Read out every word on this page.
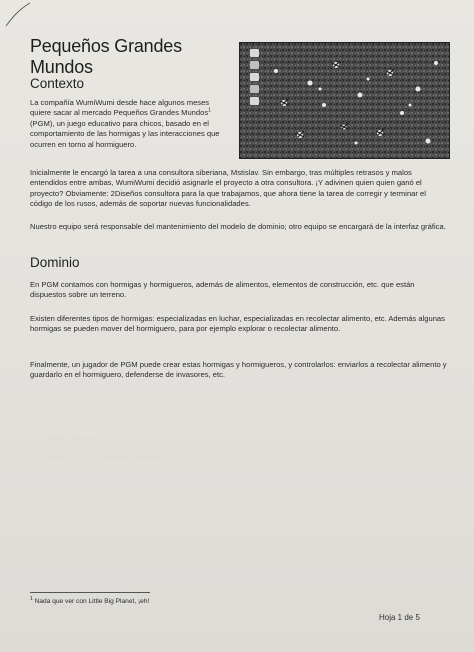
- -------
------ -
-- --- ------
---- ------- --- ----------
---- ------ -
----- ------- ---
-------- -- -------- -------
------ -------- ---------
------ ---- -----
Pequeños Grandes Mundos
Contexto

La compañía WumiWumi desde hace algunos meses quiere sacar al mercado Pequeños Grandes Mundos$^1$ (PGM), un juego educativo para chicos, basado en el comportamiento de las hormigas y las interacciones que ocurren en torno al hormiguero.

Inicialmente le encargó la tarea a una consultora siberiana, Mstislav. Sin embargo, tras múltiples retrasos y malos entendidos entre ambas, WumiWumi decidió asignarle el proyecto a otra consultora. ¡Y adivinen quien quien ganó el proyecto? Obviamente: 2Diseños consultora para la que trabajamos, que ahora tiene la tarea de corregir y terminar el código de los rusos, además de soportar nuevas funcionalidades.

Nuestro equipo será responsable del mantenimiento del modelo de dominio; otro equipo se encargará de la interfaz gráfica.

Dominio

En PGM contamos con hormigas y hormigueros, además de alimentos, elementos de construcción, etc. que están dispuestos sobre un terreno.

Existen diferentes tipos de hormigas: especializadas en luchar, especializadas en recolectar alimento, etc. Además algunas hormigas se pueden mover del hormiguero, para por ejemplo explorar o recolectar alimento.

Finalmente, un jugador de PGM puede crear estas hormigas y hormigueros, y controlarlos: enviarlos a recolectar alimento y guardarlo en el hormiguero, defenderse de invasores, etc.

$^1$ Nada que ver con Little Big Planet, ¡eh!
Hoja 1 de 5
